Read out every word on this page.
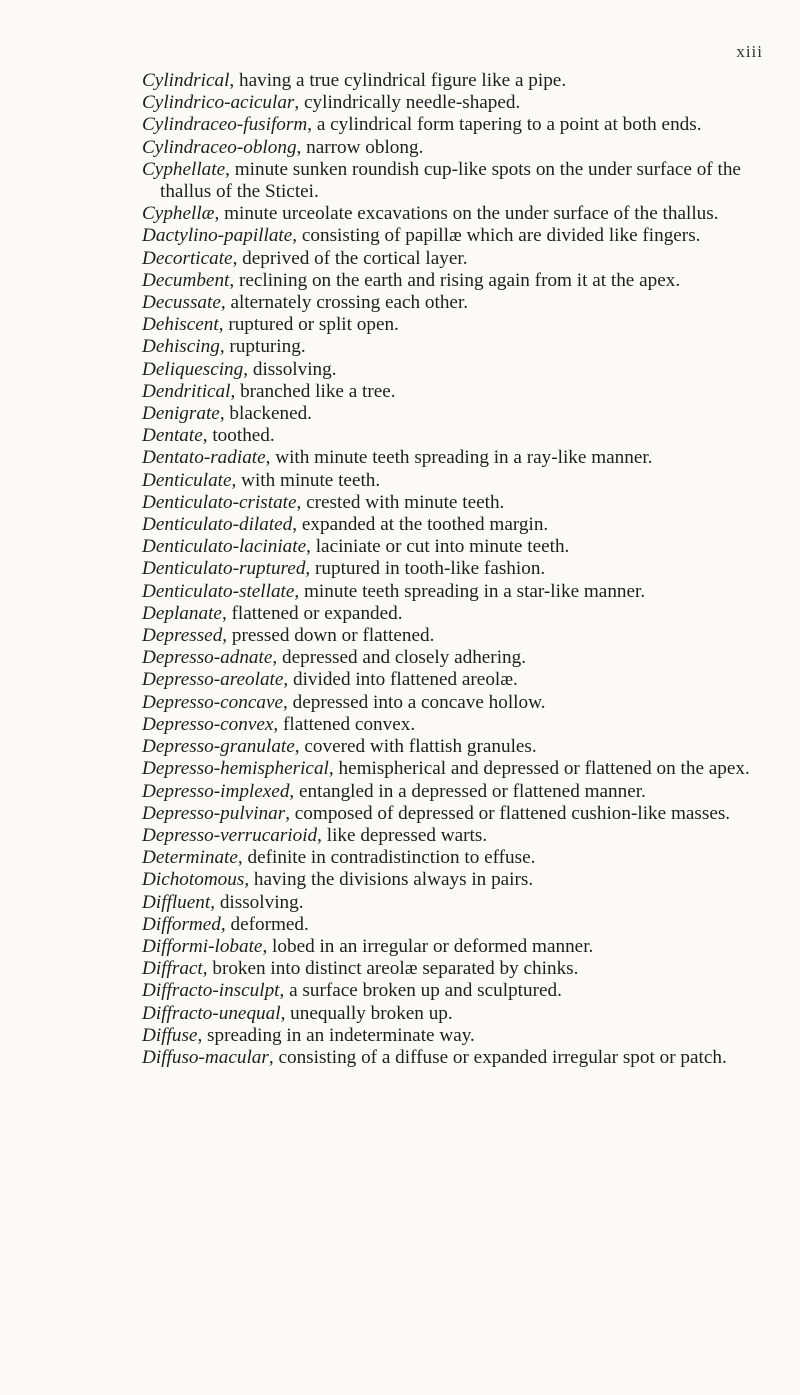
xiii
Cylindrical, having a true cylindrical figure like a pipe.
Cylindrico-acicular, cylindrically needle-shaped.
Cylindraceo-fusiform, a cylindrical form tapering to a point at both ends.
Cylindraceo-oblong, narrow oblong.
Cyphellate, minute sunken roundish cup-like spots on the under surface of the thallus of the Stictei.
Cyphellæ, minute urceolate excavations on the under surface of the thallus.
Dactylino-papillate, consisting of papillæ which are divided like fingers.
Decorticate, deprived of the cortical layer.
Decumbent, reclining on the earth and rising again from it at the apex.
Decussate, alternately crossing each other.
Dehiscent, ruptured or split open.
Dehiscing, rupturing.
Deliquescing, dissolving.
Dendritical, branched like a tree.
Denigrate, blackened.
Dentate, toothed.
Dentato-radiate, with minute teeth spreading in a ray-like manner.
Denticulate, with minute teeth.
Denticulato-cristate, crested with minute teeth.
Denticulato-dilated, expanded at the toothed margin.
Denticulato-laciniate, laciniate or cut into minute teeth.
Denticulato-ruptured, ruptured in tooth-like fashion.
Denticulato-stellate, minute teeth spreading in a star-like manner.
Deplanate, flattened or expanded.
Depressed, pressed down or flattened.
Depresso-adnate, depressed and closely adhering.
Depresso-areolate, divided into flattened areolæ.
Depresso-concave, depressed into a concave hollow.
Depresso-convex, flattened convex.
Depresso-granulate, covered with flattish granules.
Depresso-hemispherical, hemispherical and depressed or flattened on the apex.
Depresso-implexed, entangled in a depressed or flattened manner.
Depresso-pulvinar, composed of depressed or flattened cushion-like masses.
Depresso-verrucarioid, like depressed warts.
Determinate, definite in contradistinction to effuse.
Dichotomous, having the divisions always in pairs.
Diffluent, dissolving.
Difformed, deformed.
Difformi-lobate, lobed in an irregular or deformed manner.
Diffract, broken into distinct areolæ separated by chinks.
Diffracto-insculpt, a surface broken up and sculptured.
Diffracto-unequal, unequally broken up.
Diffuse, spreading in an indeterminate way.
Diffuso-macular, consisting of a diffuse or expanded irregular spot or patch.
